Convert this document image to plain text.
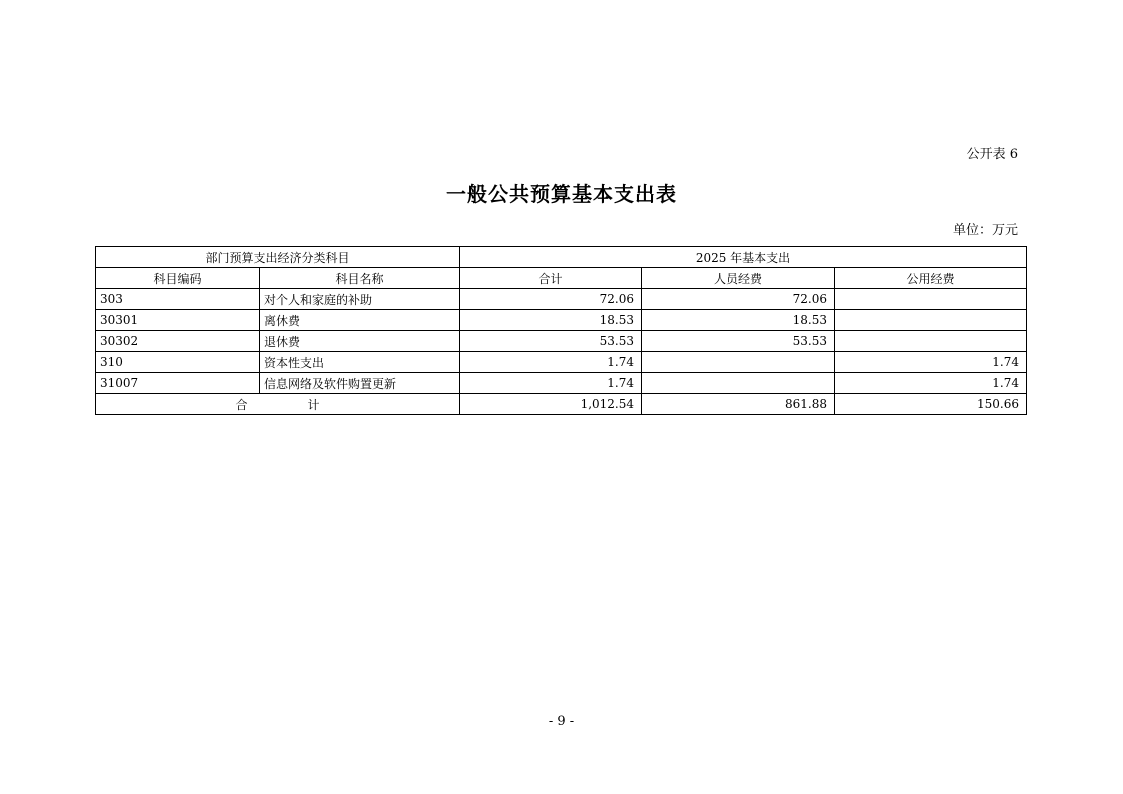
公开表 6
一般公共预算基本支出表
单位：万元
部门预算支出经济分类科目		2025 年基本支出		
科目编码	科目名称	合计	人员经费	公用经费
303	对个人和家庭的补助	72.06	72.06	
30301	离休费	18.53	18.53	
30302	退休费	53.53	53.53	
310	资本性支出	1.74		1.74
31007	信息网络及软件购置更新	1.74		1.74
合 计		1,012.54	861.88	150.66
- 9 -
